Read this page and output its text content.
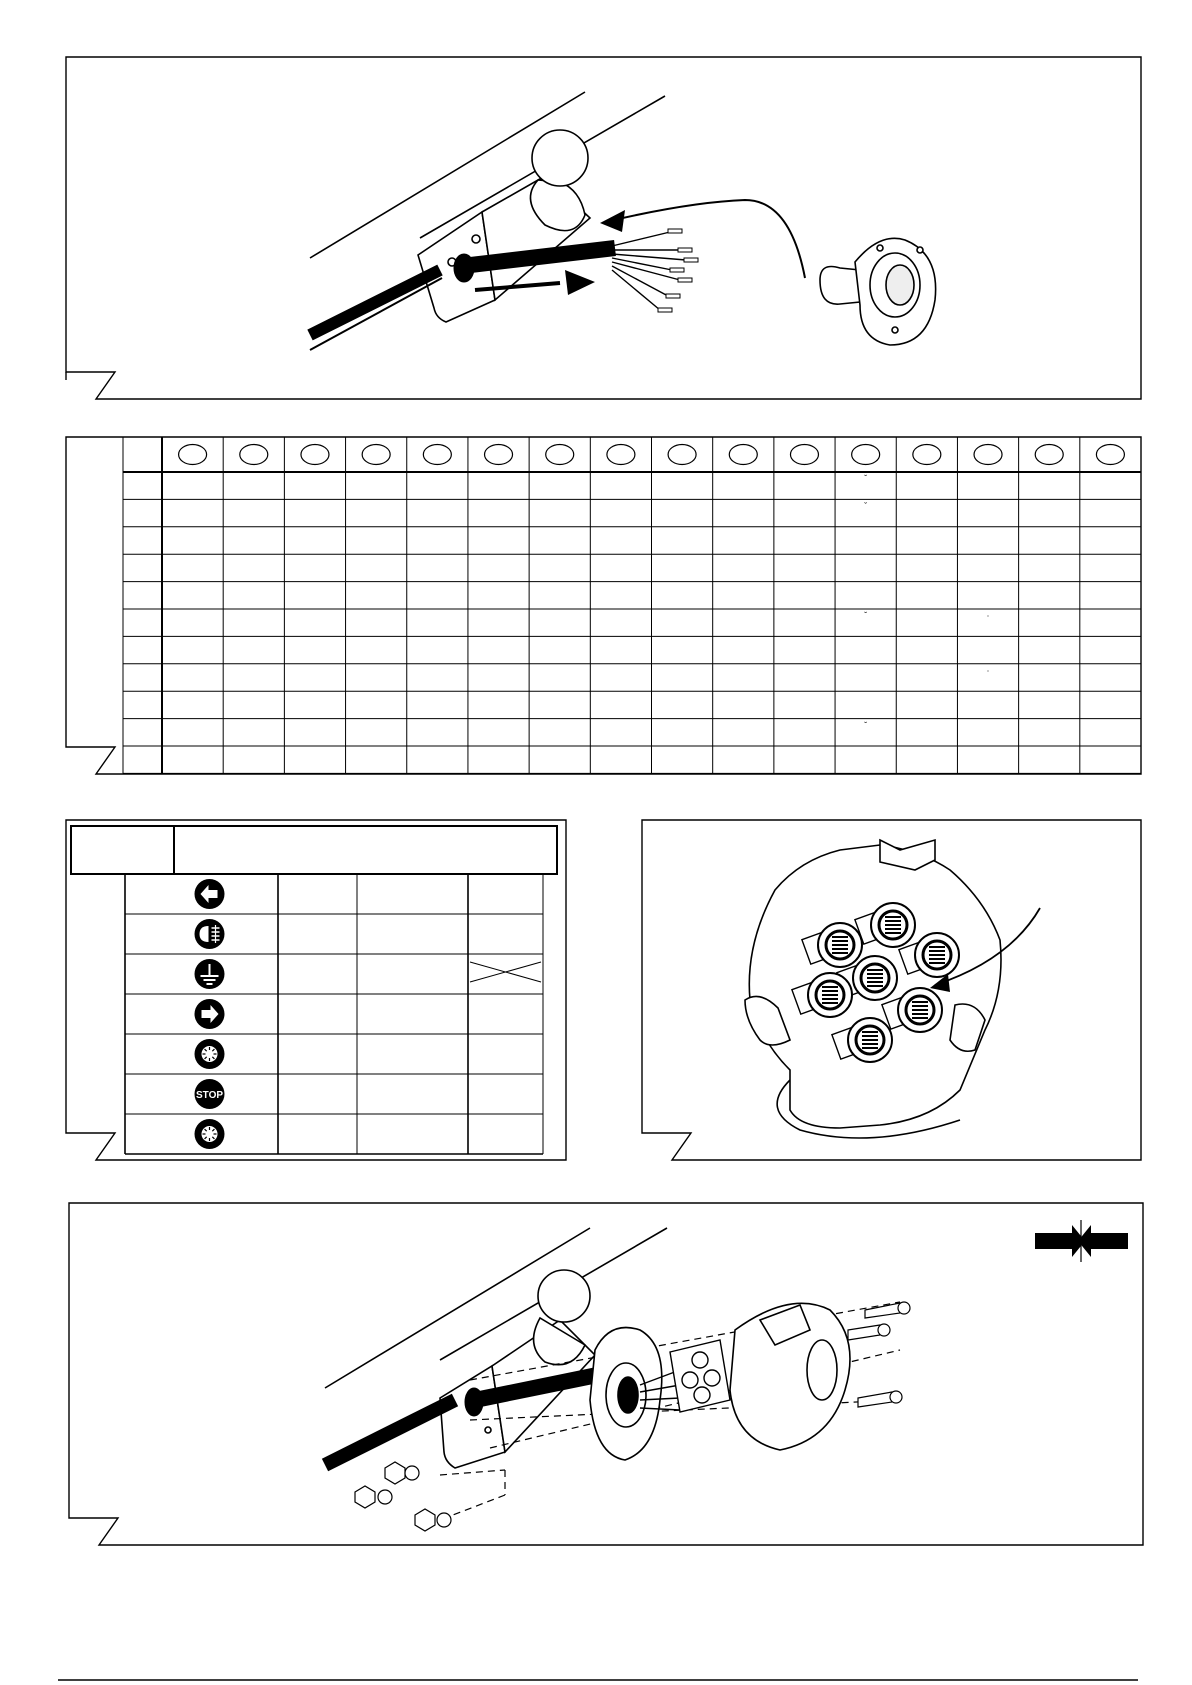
ˇ
ˇ
ˇ	·
·
ˇ
STOP
